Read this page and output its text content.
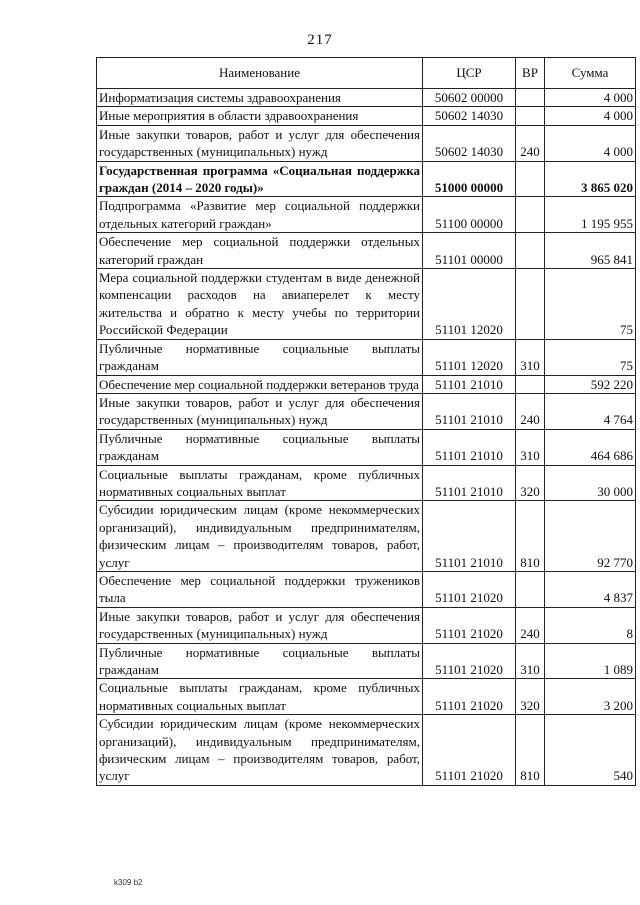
217
Наименование	ЦСР	ВР	Сумма
Информатизация системы здравоохранения	50602 00000		4 000
Иные мероприятия в области здравоохранения	50602 14030		4 000
Иные закупки товаров, работ и услуг для обеспечения государственных (муниципальных) нужд	50602 14030	240	4 000
Государственная программа «Социальная поддержка граждан (2014 – 2020 годы)»	51000 00000		3 865 020
Подпрограмма «Развитие мер социальной поддержки отдельных категорий граждан»	51100 00000		1 195 955
Обеспечение мер социальной поддержки отдельных категорий граждан	51101 00000		965 841
Мера социальной поддержки студентам в виде денежной компенсации расходов на авиаперелет к месту жительства и обратно к месту учебы по территории Российской Федерации	51101 12020		75
Публичные нормативные социальные выплаты гражданам	51101 12020	310	75
Обеспечение мер социальной поддержки ветеранов труда	51101 21010		592 220
Иные закупки товаров, работ и услуг для обеспечения государственных (муниципальных) нужд	51101 21010	240	4 764
Публичные нормативные социальные выплаты гражданам	51101 21010	310	464 686
Социальные выплаты гражданам, кроме публичных нормативных социальных выплат	51101 21010	320	30 000
Субсидии юридическим лицам (кроме некоммерческих организаций), индивидуальным предпринимателям, физическим лицам – производителям товаров, работ, услуг	51101 21010	810	92 770
Обеспечение мер социальной поддержки тружеников тыла	51101 21020		4 837
Иные закупки товаров, работ и услуг для обеспечения государственных (муниципальных) нужд	51101 21020	240	8
Публичные нормативные социальные выплаты гражданам	51101 21020	310	1 089
Социальные выплаты гражданам, кроме публичных нормативных социальных выплат	51101 21020	320	3 200
Субсидии юридическим лицам (кроме некоммерческих организаций), индивидуальным предпринимателям, физическим лицам – производителям товаров, работ, услуг	51101 21020	810	540
k309 b2
